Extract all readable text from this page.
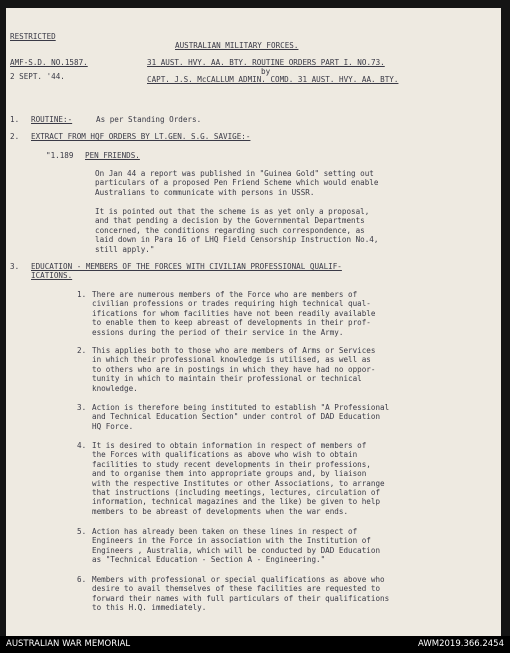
RESTRICTED
AMF-S.D. NO.1587.
2 SEPT. '44.
AUSTRALIAN MILITARY FORCES.
31 AUST. HVY. AA. BTY. ROUTINE ORDERS PART I. NO.73.
by
CAPT. J.S. McCALLUM ADMIN. COMD. 31 AUST. HVY. AA. BTY.
1. ROUTINE:-	As per Standing Orders.
2. EXTRACT FROM HQF ORDERS BY LT.GEN. S.G. SAVIGE:-
"1.189 PEN FRIENDS.
On Jan 44 a report was published in "Guinea Gold" setting out
particulars of a proposed Pen Friend Scheme which would enable
Australians to communicate with persons in USSR.
It is pointed out that the scheme is as yet only a proposal,
and that pending a decision by the Governmental Departments
concerned, the conditions regarding such correspondence, as
laid down in Para 16 of LHQ Field Censorship Instruction No.4,
still apply."
3. EDUCATION - MEMBERS OF THE FORCES WITH CIVILIAN PROFESSIONAL QUALIF-
ICATIONS.
1. There are numerous members of the Force who are members of
civilian professions or trades requiring high technical qual-
ifications for whom facilities have not been readily available
to enable them to keep abreast of developments in their prof-
essions during the period of their service in the Army.
2. This applies both to those who are members of Arms or Services
in which their professional knowledge is utilised, as well as
to others who are in postings in which they have had no oppor-
tunity in which to maintain their professional or technical
knowledge.
3. Action is therefore being instituted to establish "A Professional
and Technical Education Section" under control of DAD Education
HQ Force.
4. It is desired to obtain information in respect of members of
the Forces with qualifications as above who wish to obtain
facilities to study recent developments in their professions,
and to organise them into appropriate groups and, by liaison
with the respective Institutes or other Associations, to arrange
that instructions (including meetings, lectures, circulation of
information, technical magazines and the like) be given to help
members to be abreast of developments when the war ends.
5. Action has already been taken on these lines in respect of
Engineers in the Force in association with the Institution of
Engineers , Australia, which will be conducted by DAD Education
as "Technical Education - Section A - Engineering."
6. Members with professional or special qualifications as above who
desire to avail themselves of these facilities are requested to
forward their names with full particulars of their qualifications
to this H.Q. immediately.
AUSTRALIAN WAR MEMORIAL	AWM2019.366.2454
